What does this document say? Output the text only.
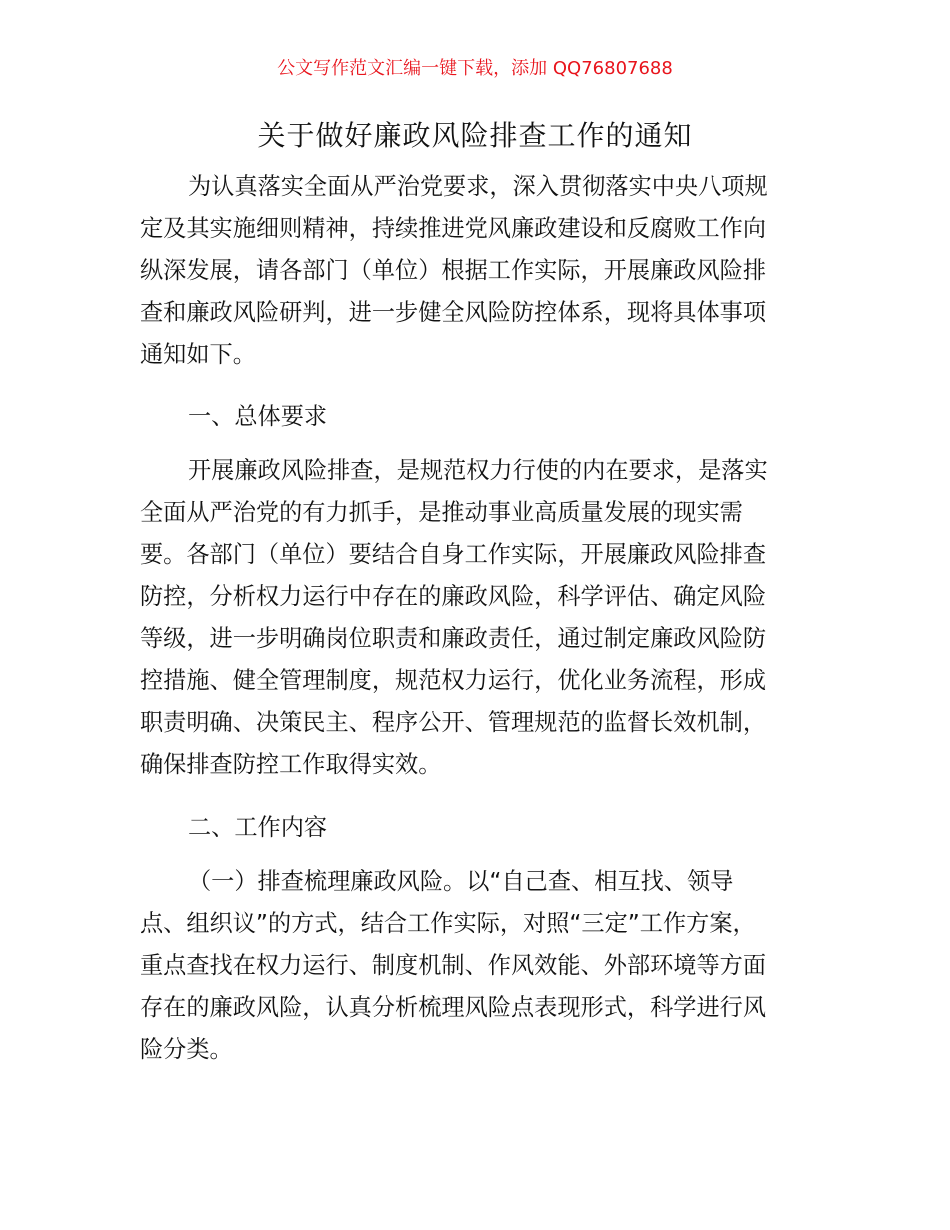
公文写作范文汇编一键下载，添加 QQ76807688
关于做好廉政风险排查工作的通知
为认真落实全面从严治党要求，深入贯彻落实中央八项规
定及其实施细则精神，持续推进党风廉政建设和反腐败工作向
纵深发展，请各部门（单位）根据工作实际，开展廉政风险排
查和廉政风险研判，进一步健全风险防控体系，现将具体事项
通知如下。
一、总体要求
开展廉政风险排查，是规范权力行使的内在要求，是落实
全面从严治党的有力抓手，是推动事业高质量发展的现实需
要。各部门（单位）要结合自身工作实际，开展廉政风险排查
防控，分析权力运行中存在的廉政风险，科学评估、确定风险
等级，进一步明确岗位职责和廉政责任，通过制定廉政风险防
控措施、健全管理制度，规范权力运行，优化业务流程，形成
职责明确、决策民主、程序公开、管理规范的监督长效机制，
确保排查防控工作取得实效。
二、工作内容
（一）排查梳理廉政风险。以“自己查、相互找、领导
点、组织议”的方式，结合工作实际，对照“三定”工作方案，
重点查找在权力运行、制度机制、作风效能、外部环境等方面
存在的廉政风险，认真分析梳理风险点表现形式，科学进行风
险分类。
